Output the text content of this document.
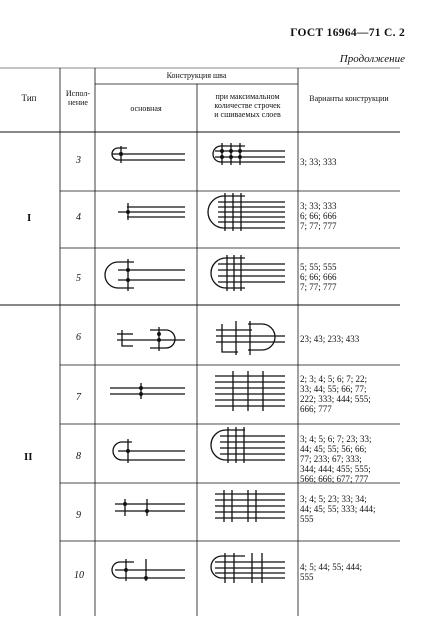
ГОСТ 16964—71 С. 2
Продолжение
Тип	Испол-
нение
Конструкция шва
основная
при максимальном
количестве строчек
и сшиваемых слоев
Варианты конструкции
I
II
3
4
5
6
7
8
9
10
3; 33; 333
3; 33; 333
6; 66; 666
7; 77; 777
5; 55; 555
6; 66; 666
7; 77; 777
23; 43; 233; 433
2; 3; 4; 5; 6; 7; 22;
33; 44; 55; 66; 77;
222; 333; 444; 555;
666; 777
3; 4; 5; 6; 7; 23; 33;
44; 45; 55; 56; 66;
77; 233; 67; 333;
344; 444; 455; 555;
566; 666; 677; 777
3; 4; 5; 23; 33; 34;
44; 45; 55; 333; 444;
555
4; 5; 44; 55; 444;
555
